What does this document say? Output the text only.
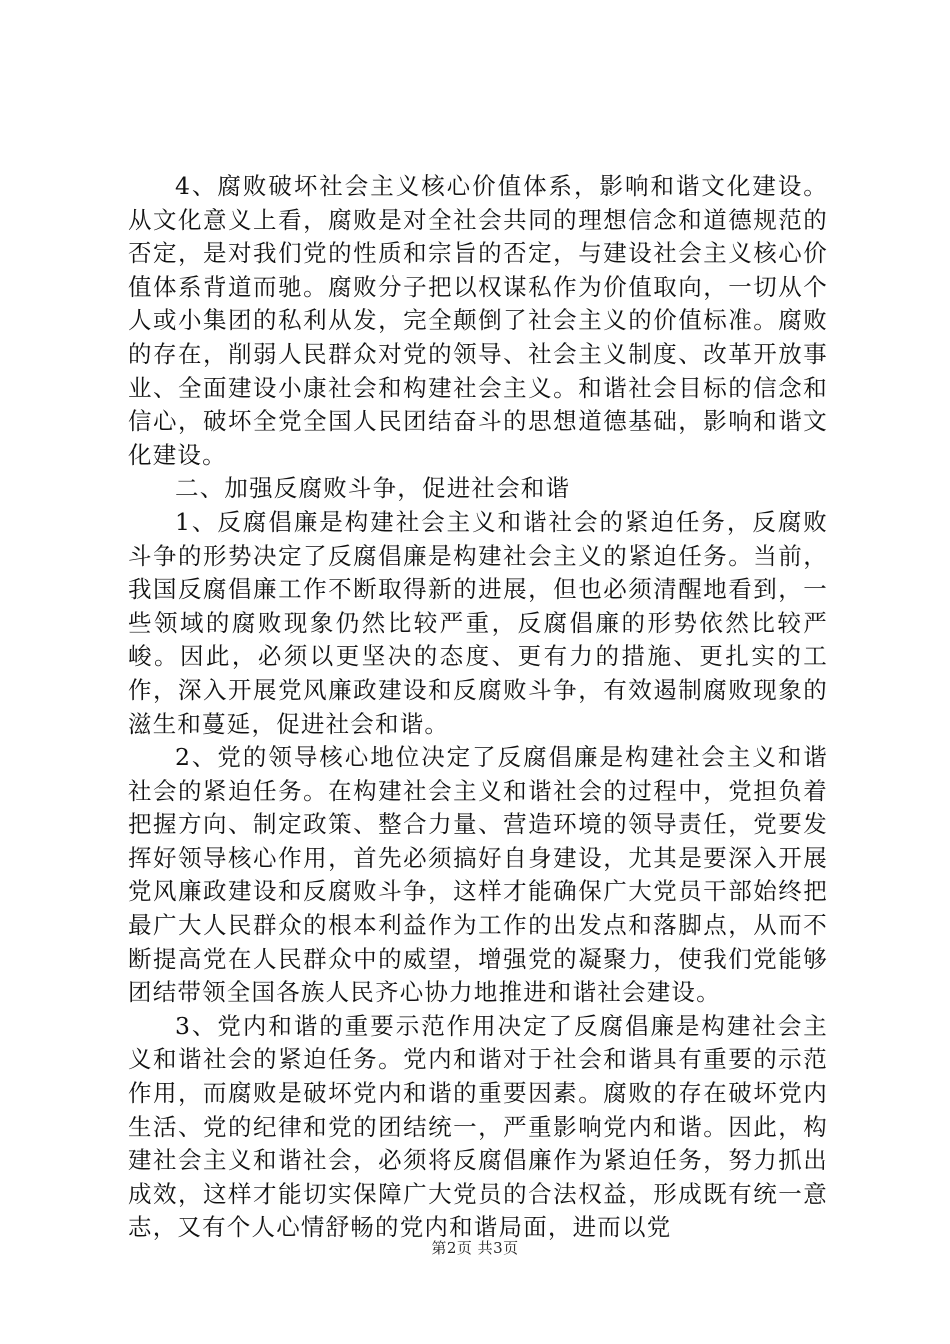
4、腐败破坏社会主义核心价值体系，影响和谐文化建设。从文化意义上看，腐败是对全社会共同的理想信念和道德规范的否定，是对我们党的性质和宗旨的否定，与建设社会主义核心价值体系背道而驰。腐败分子把以权谋私作为价值取向，一切从个人或小集团的私利从发，完全颠倒了社会主义的价值标准。腐败的存在，削弱人民群众对党的领导、社会主义制度、改革开放事业、全面建设小康社会和构建社会主义。和谐社会目标的信念和信心，破坏全党全国人民团结奋斗的思想道德基础，影响和谐文化建设。

二、加强反腐败斗争，促进社会和谐

1、反腐倡廉是构建社会主义和谐社会的紧迫任务，反腐败斗争的形势决定了反腐倡廉是构建社会主义的紧迫任务。当前，我国反腐倡廉工作不断取得新的进展，但也必须清醒地看到，一些领域的腐败现象仍然比较严重，反腐倡廉的形势依然比较严峻。因此，必须以更坚决的态度、更有力的措施、更扎实的工作，深入开展党风廉政建设和反腐败斗争，有效遏制腐败现象的滋生和蔓延，促进社会和谐。

2、党的领导核心地位决定了反腐倡廉是构建社会主义和谐社会的紧迫任务。在构建社会主义和谐社会的过程中，党担负着把握方向、制定政策、整合力量、营造环境的领导责任，党要发挥好领导核心作用，首先必须搞好自身建设，尤其是要深入开展党风廉政建设和反腐败斗争，这样才能确保广大党员干部始终把最广大人民群众的根本利益作为工作的出发点和落脚点，从而不断提高党在人民群众中的威望，增强党的凝聚力，使我们党能够团结带领全国各族人民齐心协力地推进和谐社会建设。

3、党内和谐的重要示范作用决定了反腐倡廉是构建社会主义和谐社会的紧迫任务。党内和谐对于社会和谐具有重要的示范作用，而腐败是破坏党内和谐的重要因素。腐败的存在破坏党内生活、党的纪律和党的团结统一，严重影响党内和谐。因此，构建社会主义和谐社会，必须将反腐倡廉作为紧迫任务，努力抓出成效，这样才能切实保障广大党员的合法权益，形成既有统一意志，又有个人心情舒畅的党内和谐局面，进而以党

第2页 共3页
